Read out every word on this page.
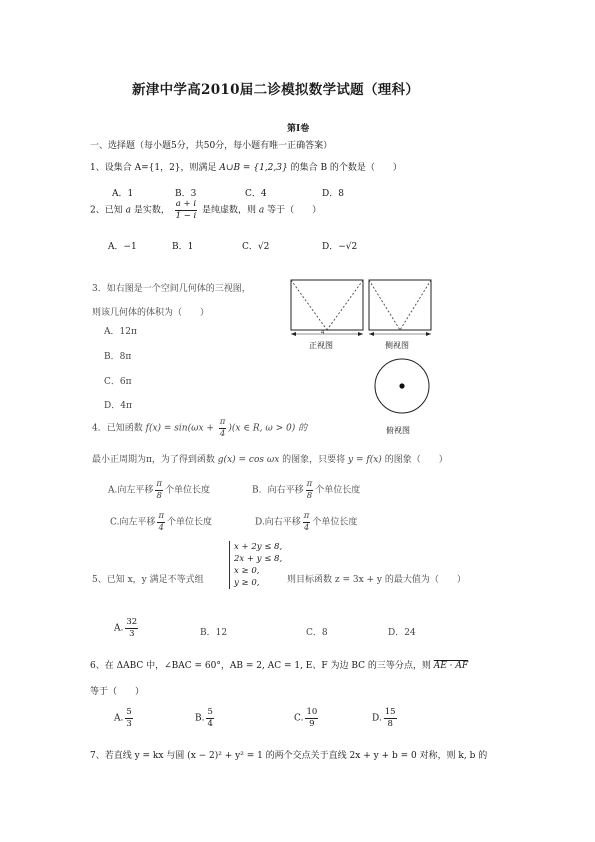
新津中学高2010届二诊模拟数学试题（理科）
第Ⅰ卷
一、选择题（每小题5分，共50分，每小题有唯一正确答案）
1、设集合 A={1，2}，则满足 A∪B = {1,2,3} 的集合 B 的个数是（　　）
A．1	B．3	C．4	D．8
2、已知 a 是实数， $\frac{a + i}{1 - i}$ 是纯虚数，则 a 等于（　　）
A．−1	B．1	C．√2	D．−√2
3．如右图是一个空间几何体的三视图，
则该几何体的体积为（　　）
A．12π
B．8π
C．6π
D．4π
4
正视图	侧视图
俯视图
4．已知函数 $f(x) = \sin(\omega x + \frac{\pi}{4} )(x$ ∈ R, ω > 0) 的
最小正周期为π，为了得到函数 g(x) = cos ωx 的图象，只要将 y = f(x) 的图象（　　）
A.向左平移 $\frac{\pi}{8}$ 个单位长度	B．向右平移 $\frac{\pi}{8}$ 个单位长度
C.向左平移 $\frac{\pi}{4}$ 个单位长度	D.向右平移 $\frac{\pi}{4}$ 个单位长度
5、已知 x，y 满足不等式组
x + 2y ≤ 8,
2x + y ≤ 8,
x ≥ 0,
y ≥ 0,	则目标函数 z = 3x + y 的最大值为（　　）
A. $\frac{32}{3}$	B．12	C．8	D．24
6、在 ΔABC 中，∠BAC = 60°，AB = 2, AC = 1, E、F 为边 BC 的三等分点，则 AE · AF
等于（　　）
A. $\frac{5}{3}$	B. $\frac{5}{4}$	C. $\frac{10}{9}$	D. $\frac{15}{8}$
7、若直线 y = kx 与圆 (x − 2)² + y² = 1 的两个交点关于直线 2x + y + b = 0 对称，则 k, b 的
